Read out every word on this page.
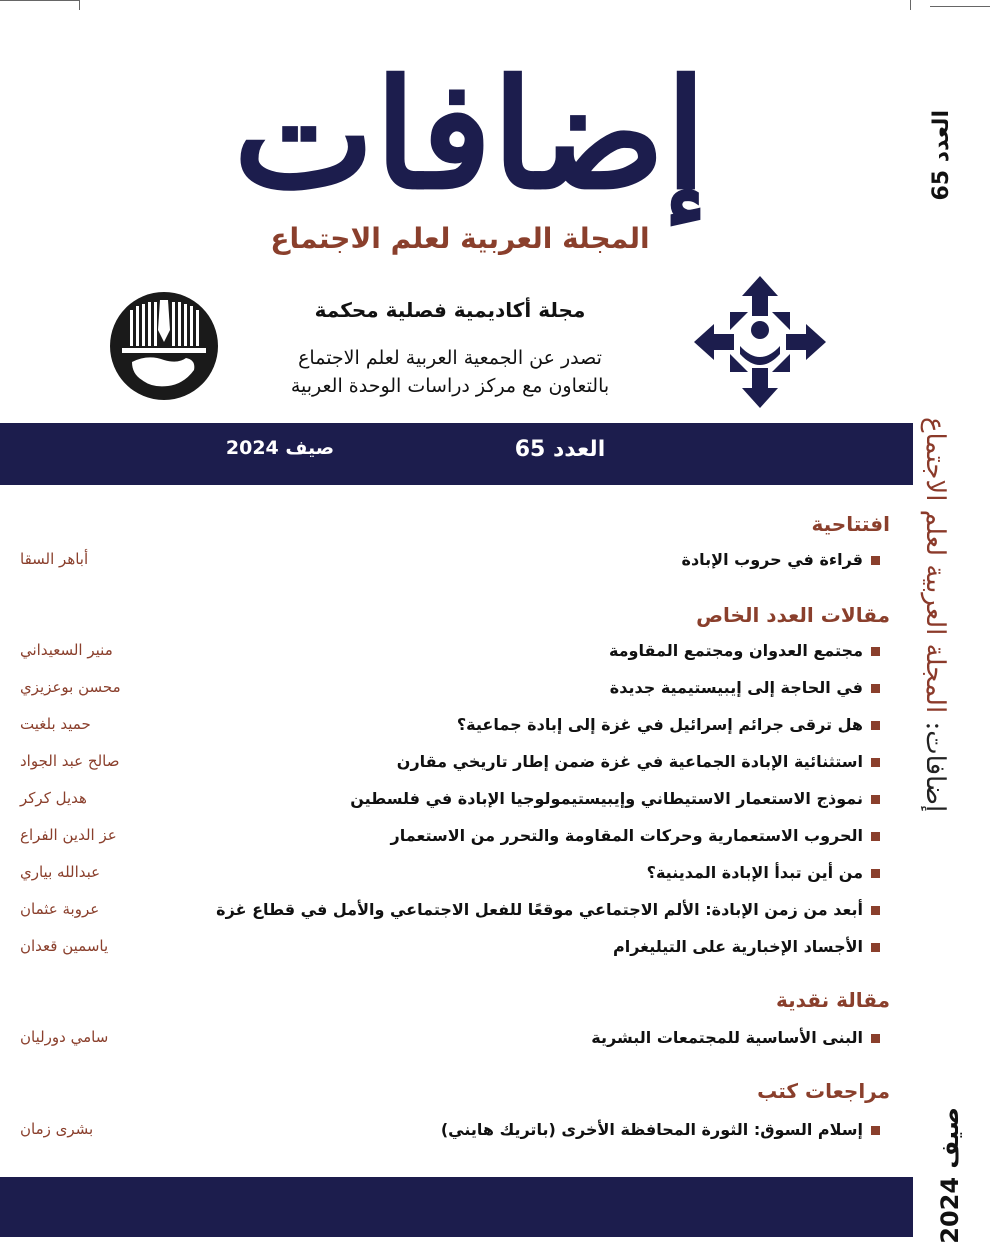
العدد 65
إضافات: المجلة العربية لعلم الاجتماع
صيف 2024
إضافات
المجلة العربية لعلم الاجتماع
مجلة أكاديمية فصلية محكمة
تصدر عن الجمعية العربية لعلم الاجتماع
بالتعاون مع مركز دراسات الوحدة العربية
العدد 65
صيف 2024
افتتاحية
قراءة في حروب الإبادة
أباهر السقا
مقالات العدد الخاص
مجتمع العدوان ومجتمع المقاومة
منير السعيداني
في الحاجة إلى إيبيستيمية جديدة
محسن بوعزيزي
هل ترقى جرائم إسرائيل في غزة إلى إبادة جماعية؟
حميد بلغيت
استثنائية الإبادة الجماعية في غزة ضمن إطار تاريخي مقارن
صالح عبد الجواد
نموذج الاستعمار الاستيطاني وإيبيستيمولوجيا الإبادة في فلسطين
هديل كركر
الحروب الاستعمارية وحركات المقاومة والتحرر من الاستعمار
عز الدين الفراع
من أين تبدأ الإبادة المدينية؟
عبدالله بياري
أبعد من زمن الإبادة: الألم الاجتماعي موقعًا للفعل الاجتماعي والأمل في قطاع غزة
عروبة عثمان
الأجساد الإخبارية على التيليغرام
ياسمين قعدان
مقالة نقدية
البنى الأساسية للمجتمعات البشرية
سامي دورليان
مراجعات كتب
إسلام السوق: الثورة المحافظة الأخرى (باتريك هايني)
بشرى زمان
